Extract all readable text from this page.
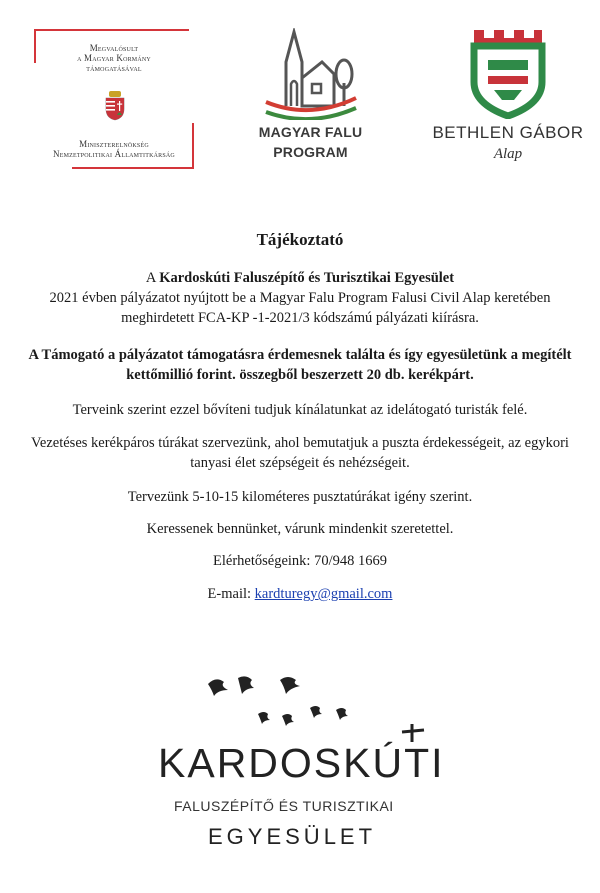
Megvalósult
a Magyar Kormány
támogatásával
Miniszterelnökség
Nemzetpolitikai Államtitkárság
MAGYAR FALU
PROGRAM
BETHLEN GÁBOR
Alap
Tájékoztató
A Kardoskúti Faluszépítő és Turisztikai Egyesület
2021 évben pályázatot nyújtott be a Magyar Falu Program Falusi Civil Alap keretében
meghirdetett FCA-KP -1-2021/3 kódszámú pályázati kiírásra.
A Támogató a pályázatot támogatásra érdemesnek találta és így egyesületünk a megítélt
kettőmillió forint. összegből beszerzett 20 db. kerékpárt.
Terveink szerint ezzel bővíteni tudjuk kínálatunkat az idelátogató turisták felé.
Vezetéses kerékpáros túrákat szervezünk, ahol bemutatjuk a puszta érdekességeit, az egykori
tanyasi élet szépségeit és nehézségeit.
Tervezünk 5-10-15 kilométeres pusztatúrákat igény szerint.
Keressenek bennünket, várunk mindenkit szeretettel.
Elérhetőségeink: 70/948 1669
E-mail: kardturegy@gmail.com
KARDOSKÚTI
FALUSZÉPÍTŐ ÉS TURISZTIKAI
EGYESÜLET
